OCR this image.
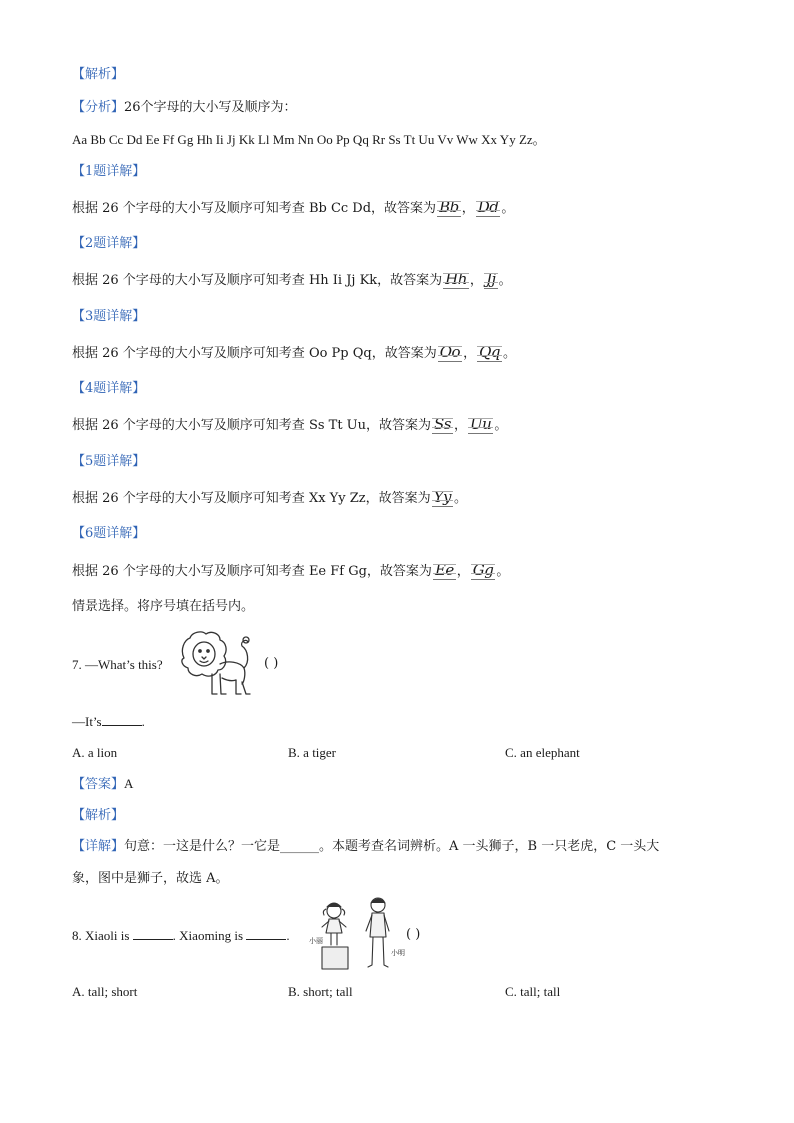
【解析】
【分析】26个字母的大小写及顺序为：
Aa Bb Cc Dd Ee Ff Gg Hh Ii Jj Kk Ll Mm Nn Oo Pp Qq Rr Ss Tt Uu Vv Ww Xx Yy Zz。
【1题详解】
根据 26 个字母的大小写及顺序可知考查 Bb Cc Dd，故答案为 Bb ， Dd 。
【2题详解】
根据 26 个字母的大小写及顺序可知考查 Hh Ii Jj Kk，故答案为 Hh ， Jj 。
【3题详解】
根据 26 个字母的大小写及顺序可知考查 Oo Pp Qq，故答案为 Oo ， Qq 。
【4题详解】
根据 26 个字母的大小写及顺序可知考查 Ss Tt Uu，故答案为 Ss ， Uu 。
【5题详解】
根据 26 个字母的大小写及顺序可知考查 Xx Yy Zz，故答案为 Yy 。
【6题详解】
根据 26 个字母的大小写及顺序可知考查 Ee Ff Gg，故答案为 Ee ， Gg 。
情景选择。将序号填在括号内。
7. —What’s this?	( )
—It’s	.
A. a lion	B. a tiger	C. an elephant
【答案】A
【解析】
【详解】句意：一这是什么？一它是______。本题考查名词辨析。A 一头狮子，B 一只老虎，C 一头大
象，图中是狮子，故选 A。
8. Xiaoli is	. Xiaoming is	.	小丽
小明
( )
A. tall; short	B. short; tall	C. tall; tall
